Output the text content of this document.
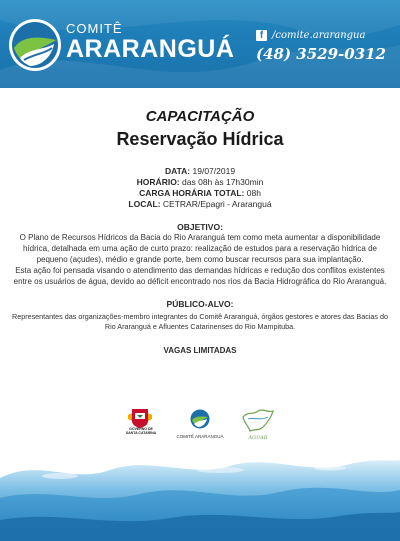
COMITÊ
ARARANGUÁ	f /comite.ararangua
(48) 3529-0312
CAPACITAÇÃO
Reservação Hídrica
DATA: 19/07/2019
HORÁRIO: das 08h às 17h30min
CARGA HORÁRIA TOTAL: 08h
LOCAL: CETRAR/Epagri - Araranguá
OBJETIVO:
O Plano de Recursos Hídricos da Bacia do Rio Araranguá tem como meta aumentar a disponibilidade hídrica, detalhada em uma ação de curto prazo: realização de estudos para a reservação hídrica de pequeno (açudes), médio e grande porte, bem como buscar recursos para sua implantação.
Esta ação foi pensada visando o atendimento das demandas hídricas e redução dos conflitos existentes entre os usuários de água, devido ao déficit encontrado nos rios da Bacia Hidrográfica do Rio Araranguá.
PÚBLICO-ALVO:
Representantes das organizações-membro integrantes do Comitê Araranguá, órgãos gestores e atores das Bacias do Rio Araranguá e Afluentes Catarinenses do Rio Mampituba.
VAGAS LIMITADAS
GOVERNO DE SANTA CATARINA
COMITÊ ARARANGUÁ	ÁGUAR
